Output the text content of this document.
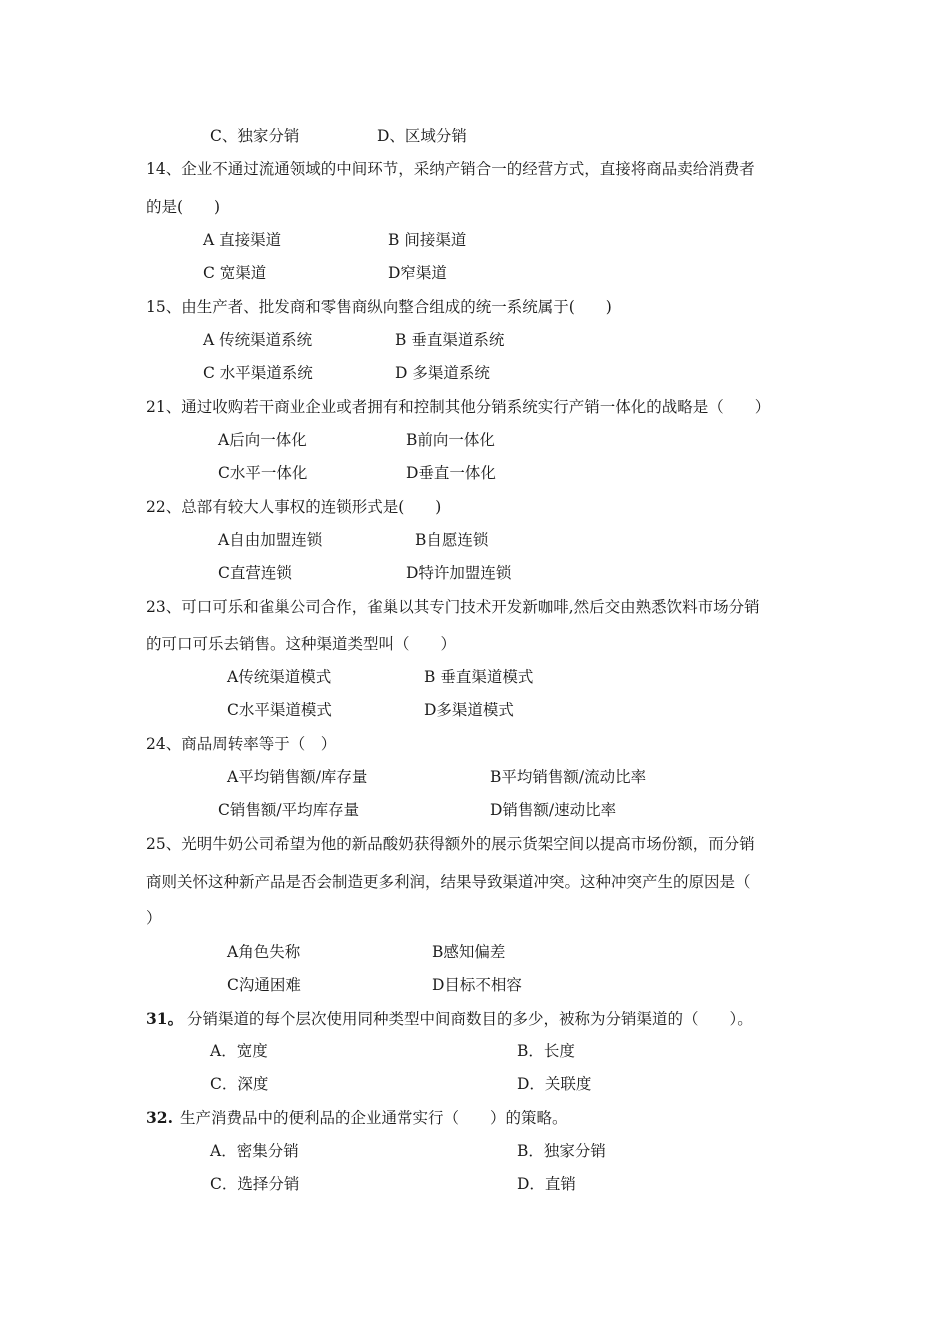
C、独家分销	D、区域分销
14、企业不通过流通领域的中间环节，采纳产销合一的经营方式，直接将商品卖给消费者
的是(　　)
A 直接渠道	B 间接渠道
C 宽渠道	D窄渠道
15、由生产者、批发商和零售商纵向整合组成的统一系统属于(　　)
A 传统渠道系统	B 垂直渠道系统
C 水平渠道系统	D 多渠道系统
21、通过收购若干商业企业或者拥有和控制其他分销系统实行产销一体化的战略是（　　）
A后向一体化	B前向一体化
C水平一体化	D垂直一体化
22、总部有较大人事权的连锁形式是(　　)
A自由加盟连锁	B自愿连锁
C直营连锁	D特许加盟连锁
23、可口可乐和雀巢公司合作，雀巢以其专门技术开发新咖啡,然后交由熟悉饮料市场分销
的可口可乐去销售。这种渠道类型叫（　　）
A传统渠道模式	B 垂直渠道模式
C水平渠道模式	D多渠道模式
24、商品周转率等于（　）
A平均销售额/库存量	B平均销售额/流动比率
C销售额/平均库存量	D销售额/速动比率
25、光明牛奶公司希望为他的新品酸奶获得额外的展示货架空间以提高市场份额，而分销
商则关怀这种新产品是否会制造更多利润，结果导致渠道冲突。这种冲突产生的原因是（
）
A角色失称	B感知偏差
C沟通困难	D目标不相容
31。 分销渠道的每个层次使用同种类型中间商数目的多少，被称为分销渠道的（　　）。
A．宽度	B．长度
C．深度	D．关联度
32. 生产消费品中的便利品的企业通常实行（　　）的策略。
A．密集分销	B．独家分销
C．选择分销	D．直销
